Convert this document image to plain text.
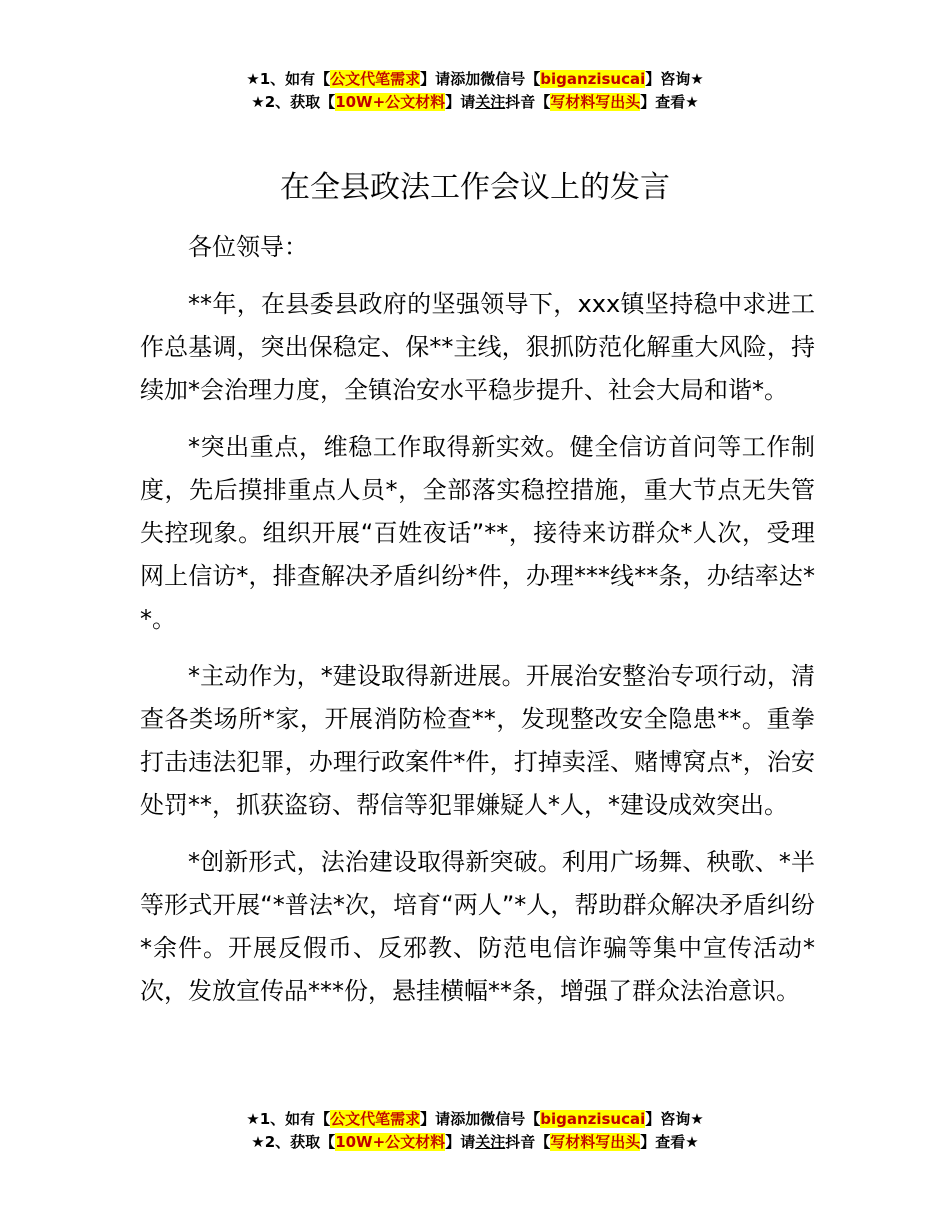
★1、如有【公文代笔需求】请添加微信号【biganzisucai】咨询★
★2、获取【10W+公文材料】请关注抖音【写材料写出头】查看★
在全县政法工作会议上的发言

各位领导：

**年，在县委县政府的坚强领导下，xxx镇坚持稳中求进工作总基调，突出保稳定、保**主线，狠抓防范化解重大风险，持续加*会治理力度，全镇治安水平稳步提升、社会大局和谐*。

*突出重点，维稳工作取得新实效。健全信访首问等工作制度，先后摸排重点人员*，全部落实稳控措施，重大节点无失管失控现象。组织开展“百姓夜话”**，接待来访群众*人次，受理网上信访*，排查解决矛盾纠纷*件，办理***线**条，办结率达**。

*主动作为，*建设取得新进展。开展治安整治专项行动，清查各类场所*家，开展消防检查**，发现整改安全隐患**。重拳打击违法犯罪，办理行政案件*件，打掉卖淫、赌博窝点*，治安处罚**，抓获盗窃、帮信等犯罪嫌疑人*人，*建设成效突出。

*创新形式，法治建设取得新突破。利用广场舞、秧歌、*半等形式开展“*普法*次，培育“两人”*人，帮助群众解决矛盾纠纷*余件。开展反假币、反邪教、防范电信诈骗等集中宣传活动*次，发放宣传品***份，悬挂横幅**条，增强了群众法治意识。

★1、如有【公文代笔需求】请添加微信号【biganzisucai】咨询★
★2、获取【10W+公文材料】请关注抖音【写材料写出头】查看★
